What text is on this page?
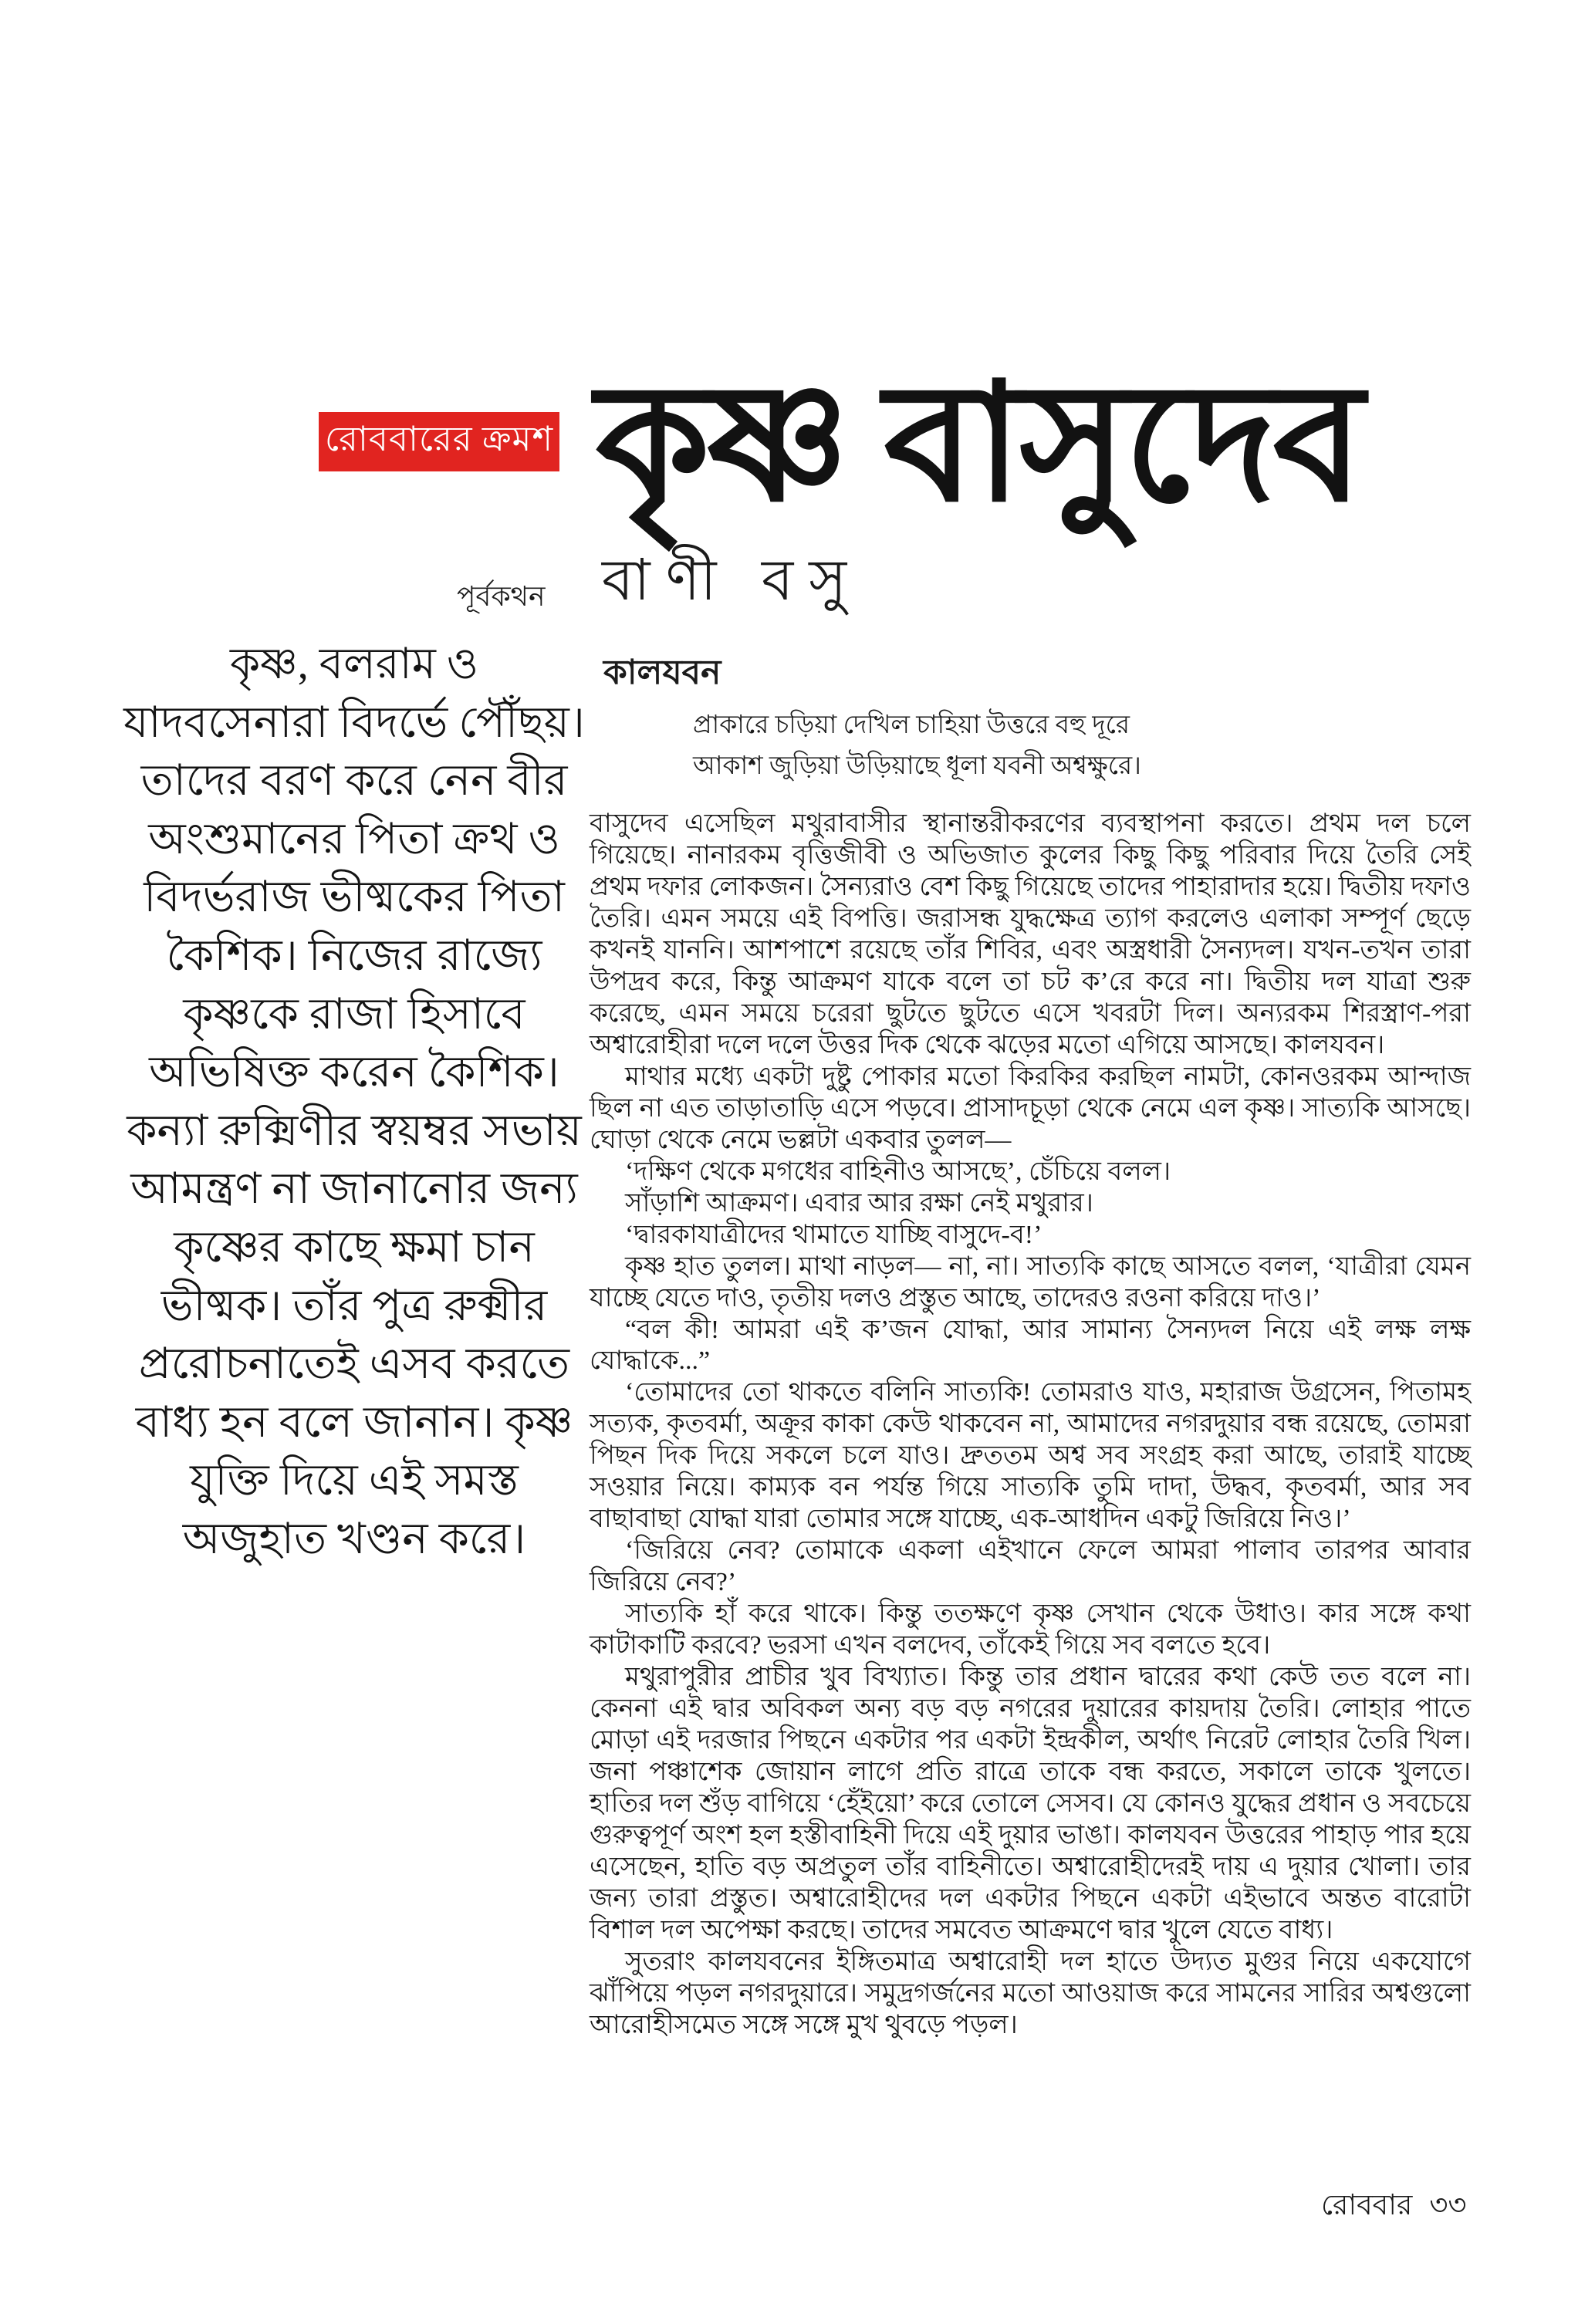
রোববারের ক্রমশ কৃষ্ণ বাসুদেব
পূর্বকথন বাণী বসু
কালযবন
প্রাকারে চড়িয়া দেখিল চাহিয়া উত্তরে বহু দূরে
আকাশ জুড়িয়া উড়িয়াছে ধূলা যবনী অশ্বক্ষুরে।
কৃষ্ণ, বলরাম ও যাদবসেনারা বিদর্ভে পৌঁছয়। তাদের বরণ করে নেন বীর অংশুমানের পিতা ক্রথ ও বিদর্ভরাজ ভীষ্মকের পিতা কৈশিক। নিজের রাজ্যে কৃষ্ণকে রাজা হিসাবে অভিষিক্ত করেন কৈশিক। কন্যা রুক্মিণীর স্বয়ম্বর সভায় আমন্ত্রণ না জানানোর জন্য কৃষ্ণের কাছে ক্ষমা চান ভীষ্মক। তাঁর পুত্র রুক্মীর প্ররোচনাতেই এসব করতে বাধ্য হন বলে জানান। কৃষ্ণ যুক্তি দিয়ে এই সমস্ত অজুহাত খণ্ডন করে।

বাসুদেব এসেছিল মথুরাবাসীর স্থানান্তরীকরণের ব্যবস্থাপনা করতে। প্রথম দল চলে গিয়েছে। নানারকম বৃত্তিজীবী ও অভিজাত কুলের কিছু কিছু পরিবার দিয়ে তৈরি সেই প্রথম দফার লোকজন। সৈন্যরাও বেশ কিছু গিয়েছে তাদের পাহারাদার হয়ে। দ্বিতীয় দফাও তৈরি। এমন সময়ে এই বিপত্তি। জরাসন্ধ যুদ্ধক্ষেত্র ত্যাগ করলেও এলাকা সম্পূর্ণ ছেড়ে কখনই যাননি। আশপাশে রয়েছে তাঁর শিবির, এবং অস্ত্রধারী সৈন্যদল। যখন-তখন তারা উপদ্রব করে, কিন্তু আক্রমণ যাকে বলে তা চট ক’রে করে না। দ্বিতীয় দল যাত্রা শুরু করেছে, এমন সময়ে চরেরা ছুটতে ছুটতে এসে খবরটা দিল। অন্যরকম শিরস্ত্রাণ-পরা অশ্বারোহীরা দলে দলে উত্তর দিক থেকে ঝড়ের মতো এগিয়ে আসছে। কালযবন।

মাথার মধ্যে একটা দুষ্টু পোকার মতো কিরকির করছিল নামটা, কোনওরকম আন্দাজ ছিল না এত তাড়াতাড়ি এসে পড়বে। প্রাসাদচূড়া থেকে নেমে এল কৃষ্ণ। সাত্যকি আসছে। ঘোড়া থেকে নেমে ভল্লটা একবার তুলল—

‘দক্ষিণ থেকে মগধের বাহিনীও আসছে’, চেঁচিয়ে বলল।

সাঁড়াশি আক্রমণ। এবার আর রক্ষা নেই মথুরার।

‘দ্বারকাযাত্রীদের থামাতে যাচ্ছি বাসুদে-ব!’

কৃষ্ণ হাত তুলল। মাথা নাড়ল— না, না। সাত্যকি কাছে আসতে বলল, ‘যাত্রীরা যেমন যাচ্ছে যেতে দাও, তৃতীয় দলও প্রস্তুত আছে, তাদেরও রওনা করিয়ে দাও।’

“বল কী! আমরা এই ক’জন যোদ্ধা, আর সামান্য সৈন্যদল নিয়ে এই লক্ষ লক্ষ যোদ্ধাকে...”

‘তোমাদের তো থাকতে বলিনি সাত্যকি! তোমরাও যাও, মহারাজ উগ্রসেন, পিতামহ সত্যক, কৃতবর্মা, অক্রূর কাকা কেউ থাকবেন না, আমাদের নগরদুয়ার বন্ধ রয়েছে, তোমরা পিছন দিক দিয়ে সকলে চলে যাও। দ্রুততম অশ্ব সব সংগ্রহ করা আছে, তারাই যাচ্ছে সওয়ার নিয়ে। কাম্যক বন পর্যন্ত গিয়ে সাত্যকি তুমি দাদা, উদ্ধব, কৃতবর্মা, আর সব বাছাবাছা যোদ্ধা যারা তোমার সঙ্গে যাচ্ছে, এক-আধদিন একটু জিরিয়ে নিও।’

‘জিরিয়ে নেব? তোমাকে একলা এইখানে ফেলে আমরা পালাব তারপর আবার জিরিয়ে নেব?’

সাত্যকি হাঁ করে থাকে। কিন্তু ততক্ষণে কৃষ্ণ সেখান থেকে উধাও। কার সঙ্গে কথা কাটাকাটি করবে? ভরসা এখন বলদেব, তাঁকেই গিয়ে সব বলতে হবে।

মথুরাপুরীর প্রাচীর খুব বিখ্যাত। কিন্তু তার প্রধান দ্বারের কথা কেউ তত বলে না। কেননা এই দ্বার অবিকল অন্য বড় বড় নগরের দুয়ারের কায়দায় তৈরি। লোহার পাতে মোড়া এই দরজার পিছনে একটার পর একটা ইন্দ্রকীল, অর্থাৎ নিরেট লোহার তৈরি খিল। জনা পঞ্চাশেক জোয়ান লাগে প্রতি রাত্রে তাকে বন্ধ করতে, সকালে তাকে খুলতে। হাতির দল শুঁড় বাগিয়ে ‘হেঁইয়ো’ করে তোলে সেসব। যে কোনও যুদ্ধের প্রধান ও সবচেয়ে গুরুত্বপূর্ণ অংশ হল হস্তীবাহিনী দিয়ে এই দুয়ার ভাঙা। কালযবন উত্তরের পাহাড় পার হয়ে এসেছেন, হাতি বড় অপ্রতুল তাঁর বাহিনীতে। অশ্বারোহীদেরই দায় এ দুয়ার খোলা। তার জন্য তারা প্রস্তুত। অশ্বারোহীদের দল একটার পিছনে একটা এইভাবে অন্তত বারোটা বিশাল দল অপেক্ষা করছে। তাদের সমবেত আক্রমণে দ্বার খুলে যেতে বাধ্য।

সুতরাং কালযবনের ইঙ্গিতমাত্র অশ্বারোহী দল হাতে উদ্যত মুগুর নিয়ে একযোগে ঝাঁপিয়ে পড়ল নগরদুয়ারে। সমুদ্রগর্জনের মতো আওয়াজ করে সামনের সারির অশ্বগুলো আরোহীসমেত সঙ্গে সঙ্গে মুখ থুবড়ে পড়ল।

রোববার ৩৩
